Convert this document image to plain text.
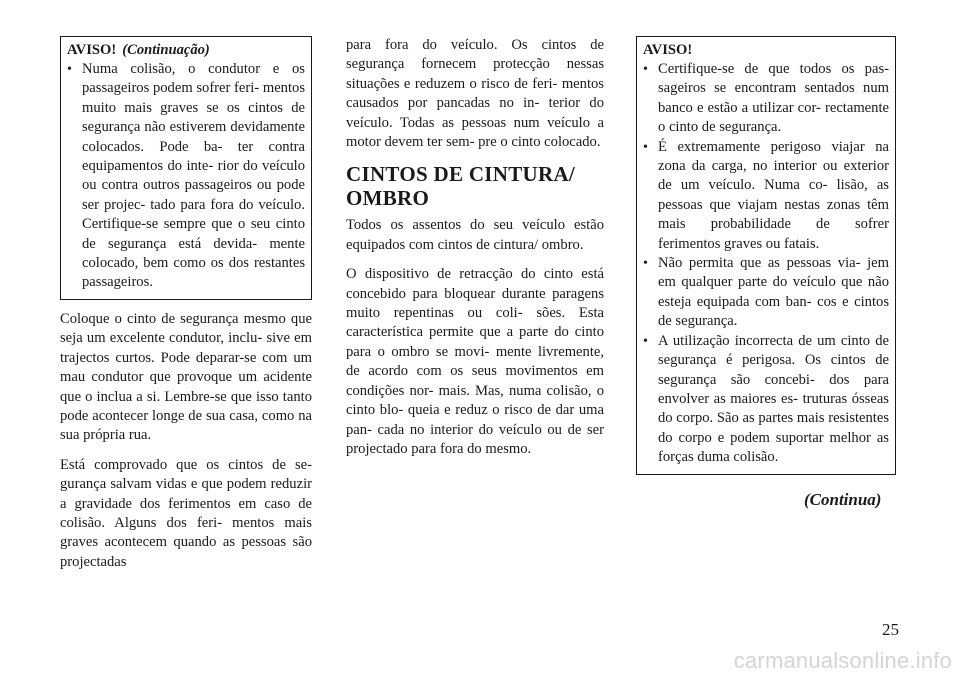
AVISO! (Continuação)
• Numa colisão, o condutor e os passageiros podem sofrer feri- mentos muito mais graves se os cintos de segurança não estiverem devidamente colocados. Pode ba- ter contra equipamentos do inte- rior do veículo ou contra outros passageiros ou pode ser projec- tado para fora do veículo. Certifique-se sempre que o seu cinto de segurança está devida- mente colocado, bem como os dos restantes passageiros.

Coloque o cinto de segurança mesmo que seja um excelente condutor, inclu- sive em trajectos curtos. Pode deparar-se com um mau condutor que provoque um acidente que o inclua a si. Lembre-se que isso tanto pode acontecer longe de sua casa, como na sua própria rua.

Está comprovado que os cintos de se- gurança salvam vidas e que podem reduzir a gravidade dos ferimentos em caso de colisão. Alguns dos feri- mentos mais graves acontecem quando as pessoas são projectadas

para fora do veículo. Os cintos de segurança fornecem protecção nessas situações e reduzem o risco de feri- mentos causados por pancadas no in- terior do veículo. Todas as pessoas num veículo a motor devem ter sem- pre o cinto colocado.

CINTOS DE CINTURA/
OMBRO

Todos os assentos do seu veículo estão equipados com cintos de cintura/ ombro.

O dispositivo de retracção do cinto está concebido para bloquear durante paragens muito repentinas ou coli- sões. Esta característica permite que a parte do cinto para o ombro se movi- mente livremente, de acordo com os seus movimentos em condições nor- mais. Mas, numa colisão, o cinto blo- queia e reduz o risco de dar uma pan- cada no interior do veículo ou de ser projectado para fora do mesmo.

AVISO!
• Certifique-se de que todos os pas- sageiros se encontram sentados num banco e estão a utilizar cor- rectamente o cinto de segurança.
• É extremamente perigoso viajar na zona da carga, no interior ou exterior de um veículo. Numa co- lisão, as pessoas que viajam nestas zonas têm mais probabilidade de sofrer ferimentos graves ou fatais.
• Não permita que as pessoas via- jem em qualquer parte do veículo que não esteja equipada com ban- cos e cintos de segurança.
• A utilização incorrecta de um cinto de segurança é perigosa. Os cintos de segurança são concebi- dos para envolver as maiores es- truturas ósseas do corpo. São as partes mais resistentes do corpo e podem suportar melhor as forças duma colisão.
(Continua)
25
carmanualsonline.info
